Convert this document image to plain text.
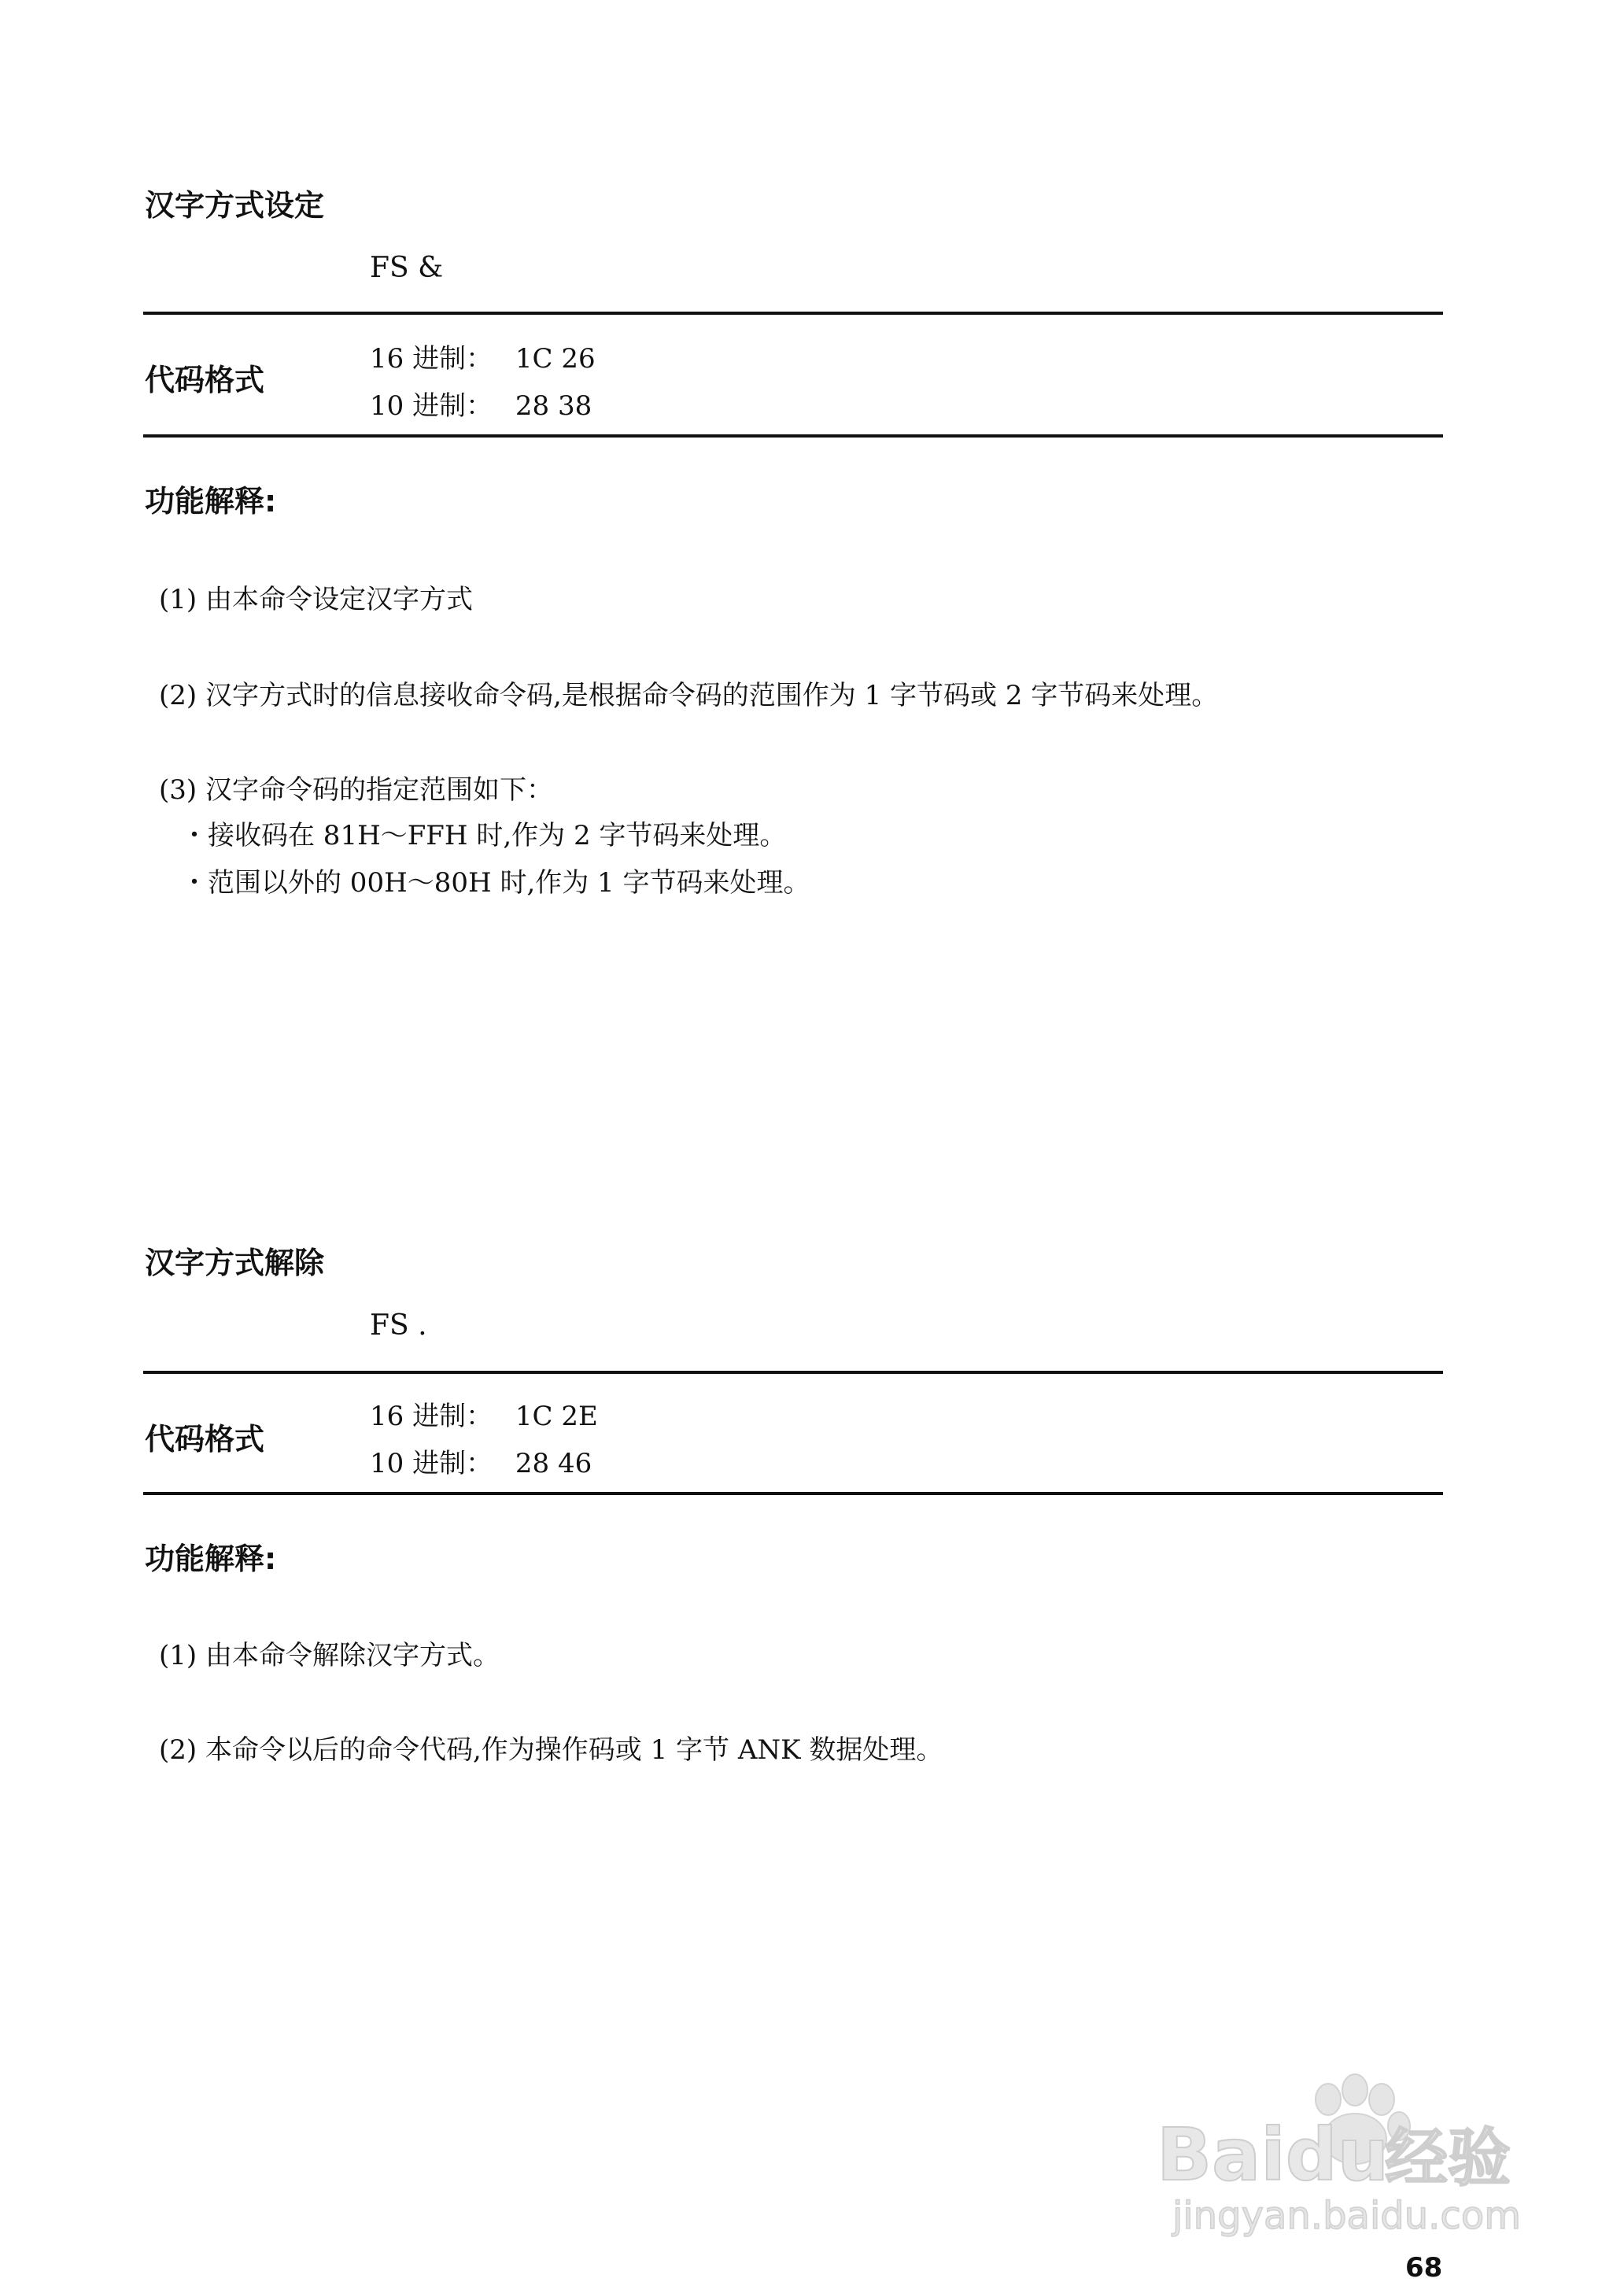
汉字方式设定
FS &
代码格式
16 进制： 1C 26
10 进制： 28 38
功能解释:
(1) 由本命令设定汉字方式
(2) 汉字方式时的信息接收命令码,是根据命令码的范围作为 1 字节码或 2 字节码来处理。
(3) 汉字命令码的指定范围如下：
・接收码在 81H～FFH 时,作为 2 字节码来处理。
・范围以外的 00H～80H 时,作为 1 字节码来处理。
汉字方式解除
FS .
代码格式
16 进制： 1C 2E
10 进制： 28 46
功能解释:
(1) 由本命令解除汉字方式。
(2) 本命令以后的命令代码,作为操作码或 1 字节 ANK 数据处理。
Baidu
经验
jingyan.baidu.com
68
